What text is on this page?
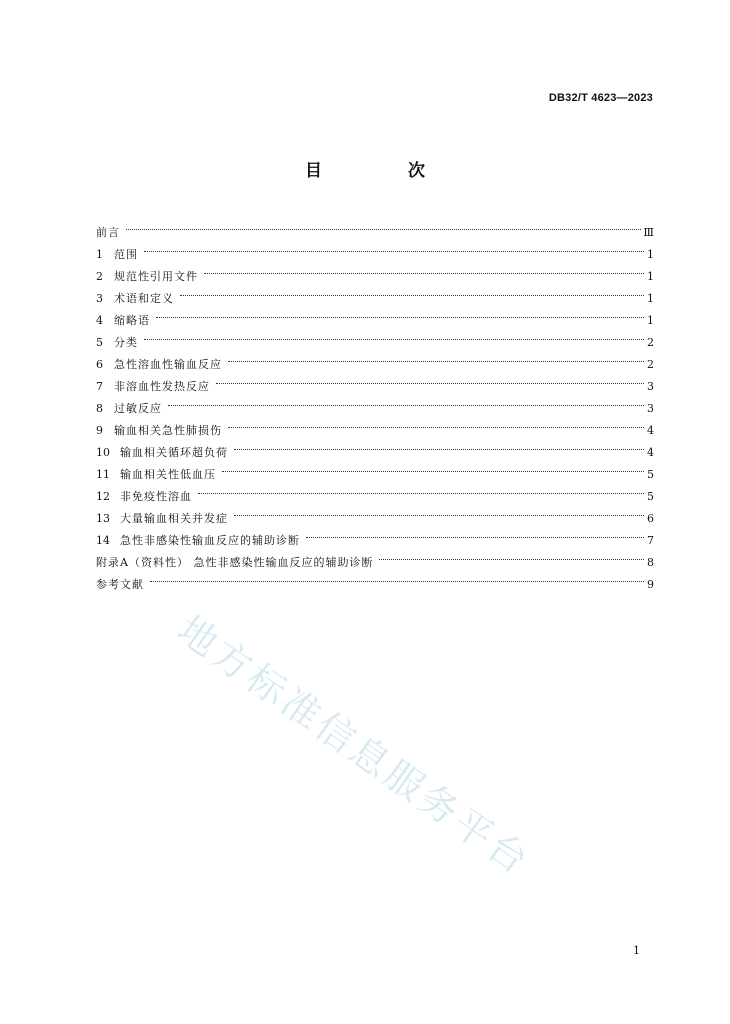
DB32/T 4623—2023
目 次
前言	Ⅲ
1	范围	1
2	规范性引用文件	1
3	术语和定义	1
4	缩略语	1
5	分类	2
6	急性溶血性输血反应	2
7	非溶血性发热反应	3
8	过敏反应	3
9	输血相关急性肺损伤	4
10 输血相关循环超负荷	4
11 输血相关性低血压	5
12 非免疫性溶血	5
13 大量输血相关并发症	6
14 急性非感染性输血反应的辅助诊断	7
附录A（资料性） 急性非感染性输血反应的辅助诊断	8
参考文献	9
地方标准信息服务平台
1
